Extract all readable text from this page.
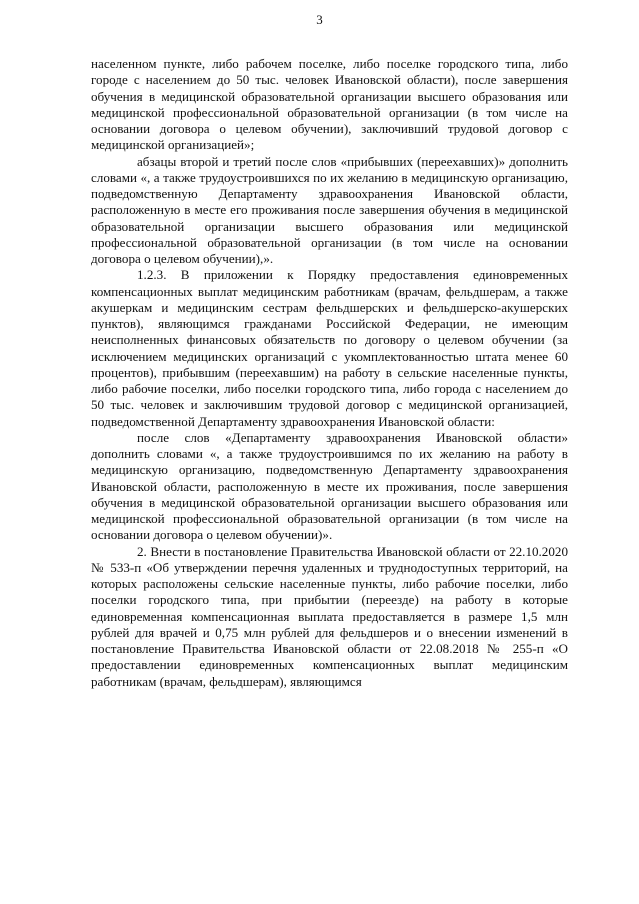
3

населенном пункте, либо рабочем поселке, либо поселке городского типа, либо городе с населением до 50 тыс. человек Ивановской области), после завершения обучения в медицинской образовательной организации высшего образования или медицинской профессиональной образовательной организации (в том числе на основании договора о целевом обучении), заключивший трудовой договор с медицинской организацией»;

абзацы второй и третий после слов «прибывших (переехавших)» дополнить словами «, а также трудоустроившихся по их желанию в медицинскую организацию, подведомственную Департаменту здравоохранения Ивановской области, расположенную в месте его проживания после завершения обучения в медицинской образовательной организации высшего образования или медицинской профессиональной образовательной организации (в том числе на основании договора о целевом обучении),».

1.2.3. В приложении к Порядку предоставления единовременных компенсационных выплат медицинским работникам (врачам, фельдшерам, а также акушеркам и медицинским сестрам фельдшерских и фельдшерско-акушерских пунктов), являющимся гражданами Российской Федерации, не имеющим неисполненных финансовых обязательств по договору о целевом обучении (за исключением медицинских организаций с укомплектованностью штата менее 60 процентов), прибывшим (переехавшим) на работу в сельские населенные пункты, либо рабочие поселки, либо поселки городского типа, либо города с населением до 50 тыс. человек и заключившим трудовой договор с медицинской организацией, подведомственной Департаменту здравоохранения Ивановской области:

после слов «Департаменту здравоохранения Ивановской области» дополнить словами «, а также трудоустроившимся по их желанию на работу в медицинскую организацию, подведомственную Департаменту здравоохранения Ивановской области, расположенную в месте их проживания, после завершения обучения в медицинской образовательной организации высшего образования или медицинской профессиональной образовательной организации (в том числе на основании договора о целевом обучении)».

2. Внести в постановление Правительства Ивановской области от 22.10.2020 № 533-п «Об утверждении перечня удаленных и труднодоступных территорий, на которых расположены сельские населенные пункты, либо рабочие поселки, либо поселки городского типа, при прибытии (переезде) на работу в которые единовременная компенсационная выплата предоставляется в размере 1,5 млн рублей для врачей и 0,75 млн рублей для фельдшеров и о внесении изменений в постановление Правительства Ивановской области от 22.08.2018 № 255-п «О предоставлении единовременных компенсационных выплат медицинским работникам (врачам, фельдшерам), являющимся
